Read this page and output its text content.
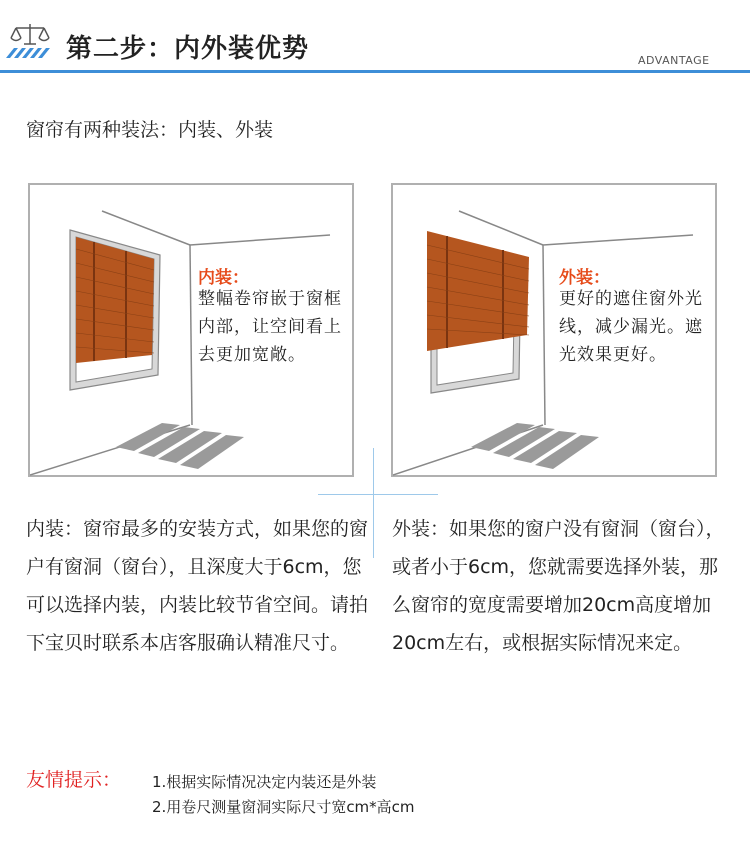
第二步：内外装优势	ADVANTAGE
窗帘有两种装法：内装、外装
内装：
整幅卷帘嵌于窗框内部，让空间看上去更加宽敞。
外装：
更好的遮住窗外光线，减少漏光。遮光效果更好。
内装：窗帘最多的安装方式，如果您的窗户有窗洞（窗台），且深度大于6cm，您可以选择内装，内装比较节省空间。请拍下宝贝时联系本店客服确认精准尺寸。
外装：如果您的窗户没有窗洞（窗台），或者小于6cm，您就需要选择外装，那么窗帘的宽度需要增加20cm高度增加20cm左右，或根据实际情况来定。
友情提示： 1.根据实际情况决定内装还是外装
2.用卷尺测量窗洞实际尺寸宽cm*高cm
